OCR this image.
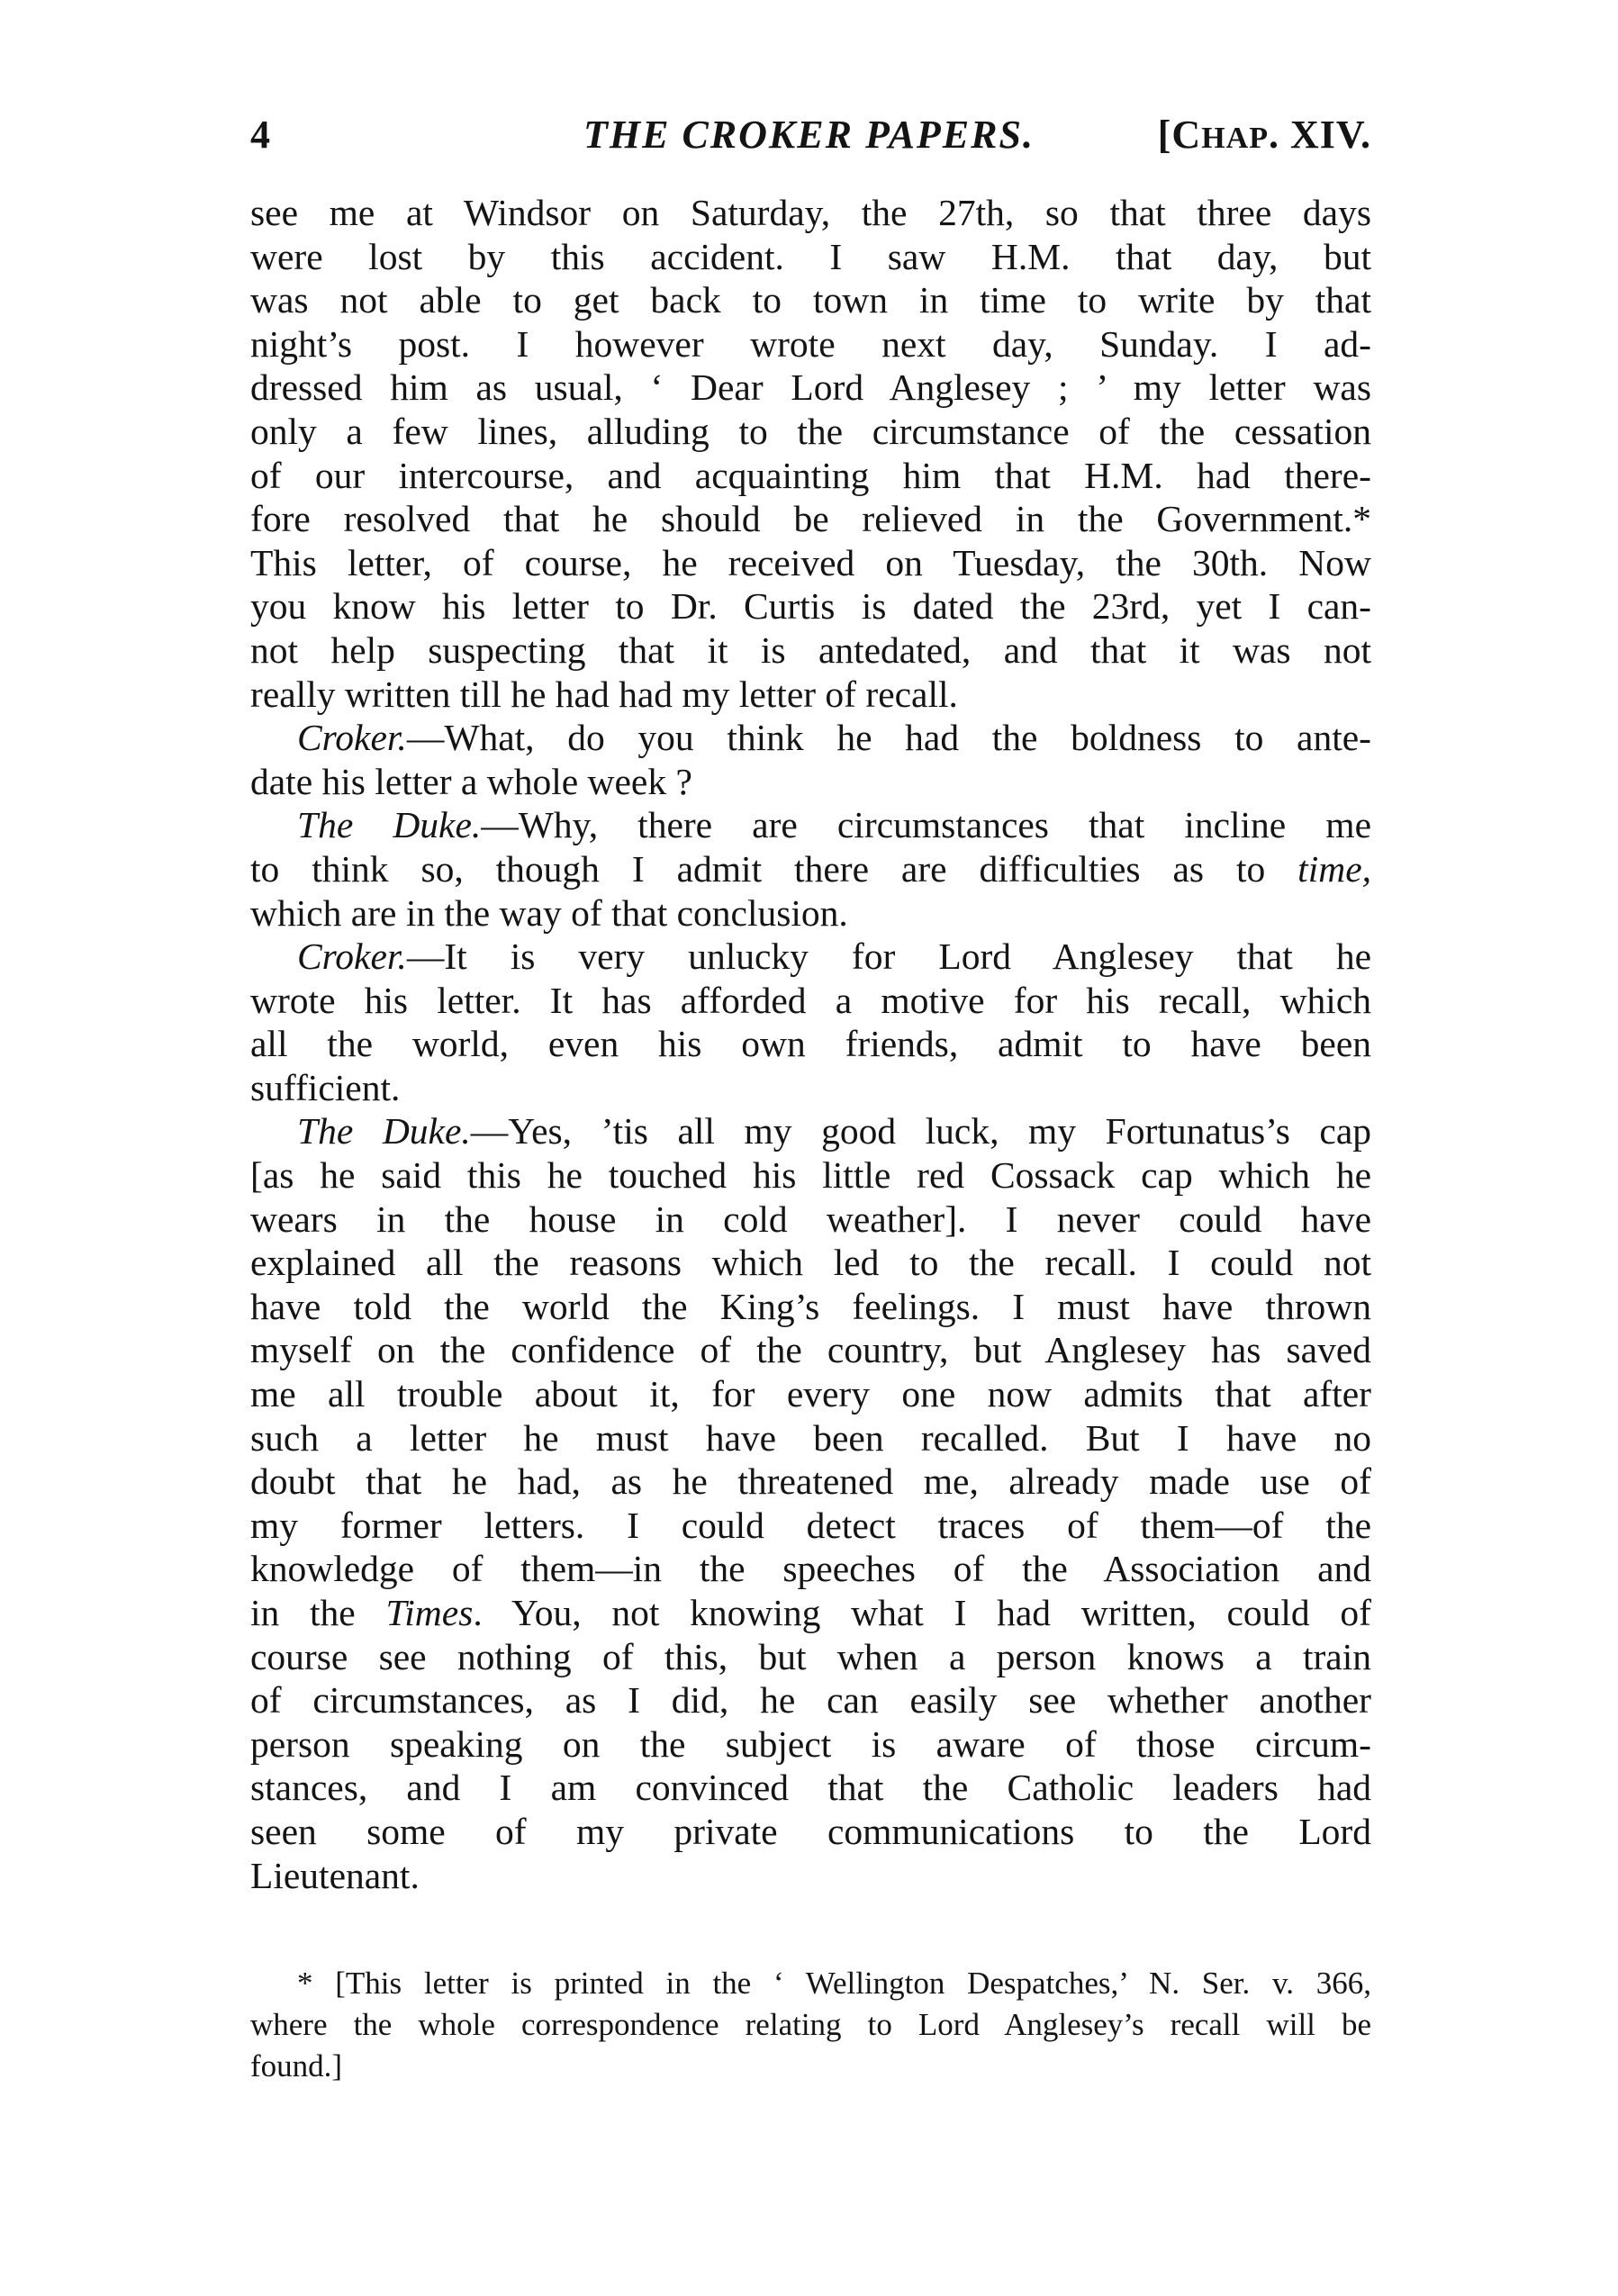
4	THE CROKER PAPERS.	[CHAP. XIV.
see me at Windsor on Saturday, the 27th, so that three days
were lost by this accident. I saw H.M. that day, but
was not able to get back to town in time to write by that
night’s post. I however wrote next day, Sunday. I ad-
dressed him as usual, ‘ Dear Lord Anglesey ; ’ my letter was
only a few lines, alluding to the circumstance of the cessation
of our intercourse, and acquainting him that H.M. had there-
fore resolved that he should be relieved in the Government.*
This letter, of course, he received on Tuesday, the 30th. Now
you know his letter to Dr. Curtis is dated the 23rd, yet I can-
not help suspecting that it is antedated, and that it was not
really written till he had had my letter of recall.
Croker.—What, do you think he had the boldness to ante-
date his letter a whole week ?
The Duke.—Why, there are circumstances that incline me
to think so, though I admit there are difficulties as to time,
which are in the way of that conclusion.
Croker.—It is very unlucky for Lord Anglesey that he
wrote his letter. It has afforded a motive for his recall, which
all the world, even his own friends, admit to have been
sufficient.
The Duke.—Yes, ’tis all my good luck, my Fortunatus’s cap
[as he said this he touched his little red Cossack cap which he
wears in the house in cold weather]. I never could have
explained all the reasons which led to the recall. I could not
have told the world the King’s feelings. I must have thrown
myself on the confidence of the country, but Anglesey has saved
me all trouble about it, for every one now admits that after
such a letter he must have been recalled. But I have no
doubt that he had, as he threatened me, already made use of
my former letters. I could detect traces of them—of the
knowledge of them—in the speeches of the Association and
in the Times. You, not knowing what I had written, could of
course see nothing of this, but when a person knows a train
of circumstances, as I did, he can easily see whether another
person speaking on the subject is aware of those circum-
stances, and I am convinced that the Catholic leaders had
seen some of my private communications to the Lord
Lieutenant.
* [This letter is printed in the ‘ Wellington Despatches,’ N. Ser. v. 366,
where the whole correspondence relating to Lord Anglesey’s recall will be
found.]
